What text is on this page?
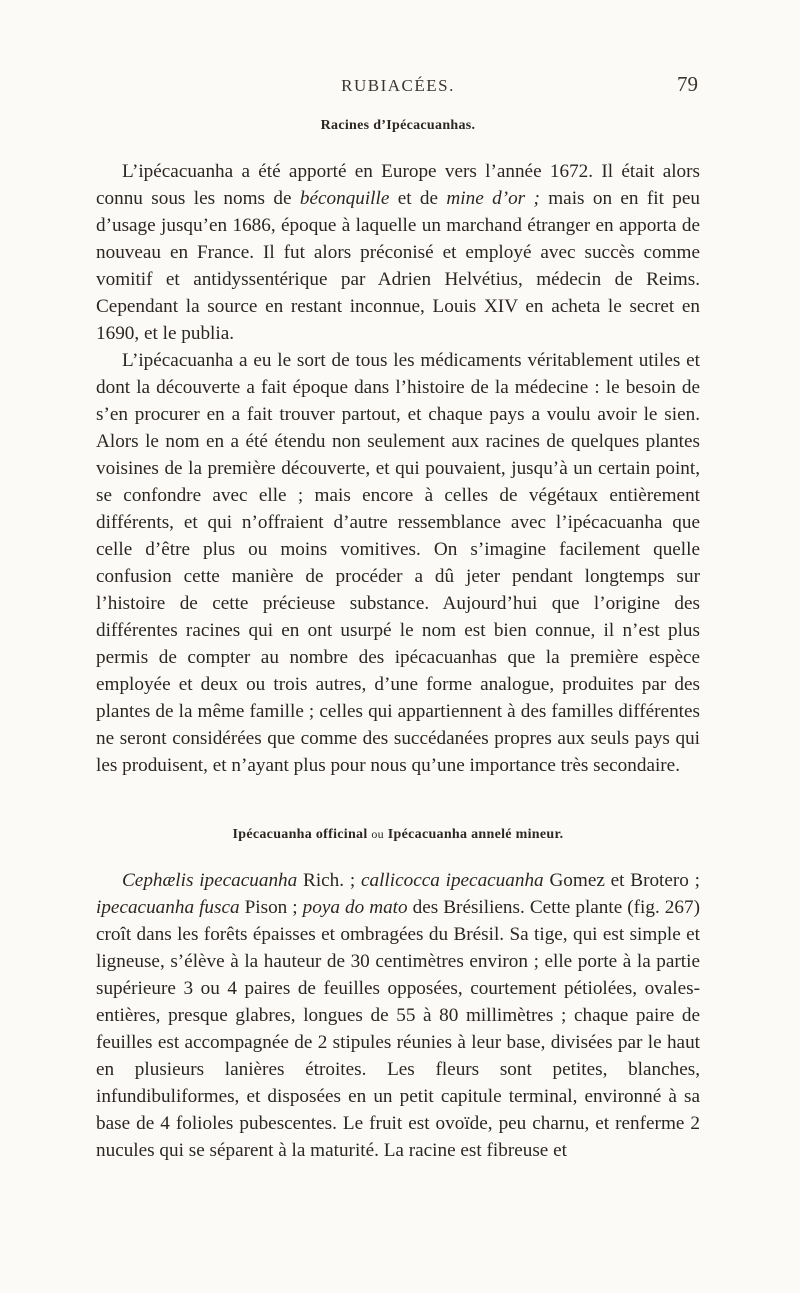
RUBIACÉES.	79
Racines d’Ipécacuanhas.

L’ipécacuanha a été apporté en Europe vers l’année 1672. Il était alors connu sous les noms de béconquille et de mine d’or ; mais on en fit peu d’usage jusqu’en 1686, époque à laquelle un marchand étranger en apporta de nouveau en France. Il fut alors préconisé et employé avec succès comme vomitif et antidyssentérique par Adrien Helvétius, médecin de Reims. Cependant la source en restant inconnue, Louis XIV en acheta le secret en 1690, et le publia.

L’ipécacuanha a eu le sort de tous les médicaments véritablement utiles et dont la découverte a fait époque dans l’histoire de la médecine : le besoin de s’en procurer en a fait trouver partout, et chaque pays a voulu avoir le sien. Alors le nom en a été étendu non seulement aux racines de quelques plantes voisines de la première découverte, et qui pouvaient, jusqu’à un certain point, se confondre avec elle ; mais encore à celles de végétaux entièrement différents, et qui n’offraient d’autre ressemblance avec l’ipécacuanha que celle d’être plus ou moins vomitives. On s’imagine facilement quelle confusion cette manière de procéder a dû jeter pendant longtemps sur l’histoire de cette précieuse substance. Aujourd’hui que l’origine des différentes racines qui en ont usurpé le nom est bien connue, il n’est plus permis de compter au nombre des ipécacuanhas que la première espèce employée et deux ou trois autres, d’une forme analogue, produites par des plantes de la même famille ; celles qui appartiennent à des familles différentes ne seront considérées que comme des succédanées propres aux seuls pays qui les produisent, et n’ayant plus pour nous qu’une importance très secondaire.

Ipécacuanha officinal ou Ipécacuanha annelé mineur.

Cephælis ipecacuanha Rich. ; callicocca ipecacuanha Gomez et Brotero ; ipecacuanha fusca Pison ; poya do mato des Brésiliens. Cette plante (fig. 267) croît dans les forêts épaisses et ombragées du Brésil. Sa tige, qui est simple et ligneuse, s’élève à la hauteur de 30 centimètres environ ; elle porte à la partie supérieure 3 ou 4 paires de feuilles opposées, courtement pétiolées, ovales-entières, presque glabres, longues de 55 à 80 millimètres ; chaque paire de feuilles est accompagnée de 2 stipules réunies à leur base, divisées par le haut en plusieurs lanières étroites. Les fleurs sont petites, blanches, infundibuliformes, et disposées en un petit capitule terminal, environné à sa base de 4 folioles pubescentes. Le fruit est ovoïde, peu charnu, et renferme 2 nucules qui se séparent à la maturité. La racine est fibreuse et
